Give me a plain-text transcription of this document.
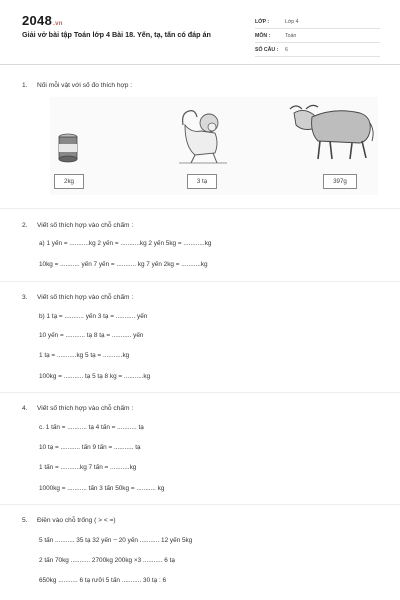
2048.vn
Giải vở bài tập Toán lớp 4 Bài 18. Yến, tạ, tấn có đáp án
LỚP :	Lớp 4
MÔN :	Toán
SỐ CÂU :	6
1. Nối mỗi vật với số đo thích hợp :
2kg	3 tạ	397g
2. Viết số thích hợp vào chỗ chấm :
a) 1 yến = ...........kg 2 yến = ...........kg 2 yến 5kg = ............kg
10kg = ........... yến 7 yến = ........... kg 7 yến 2kg = ...........kg
3. Viết số thích hợp vào chỗ chấm :
b) 1 tạ = ........... yến 3 tạ = ........... yến
10 yến = ........... tạ 8 tạ = ........... yến
1 tạ = ...........kg 5 tạ = ...........kg
100kg = ........... tạ 5 tạ 8 kg = ...........kg
4. Viết số thích hợp vào chỗ chấm :
c. 1 tấn = ........... tạ 4 tấn = ........... tạ
10 tạ = ........... tấn 9 tấn = ........... tạ
1 tấn = ...........kg 7 tấn = ...........kg
1000kg = ........... tấn 3 tấn 50kg = ........... kg
5. Điền vào chỗ trống ( > < =)
5 tấn ........... 35 tạ 32 yến − 20 yến ........... 12 yến 5kg
2 tấn 70kg ........... 2700kg 200kg ×3 ........... 6 tạ
650kg ........... 6 tạ rưỡi 5 tấn ........... 30 tạ : 6
